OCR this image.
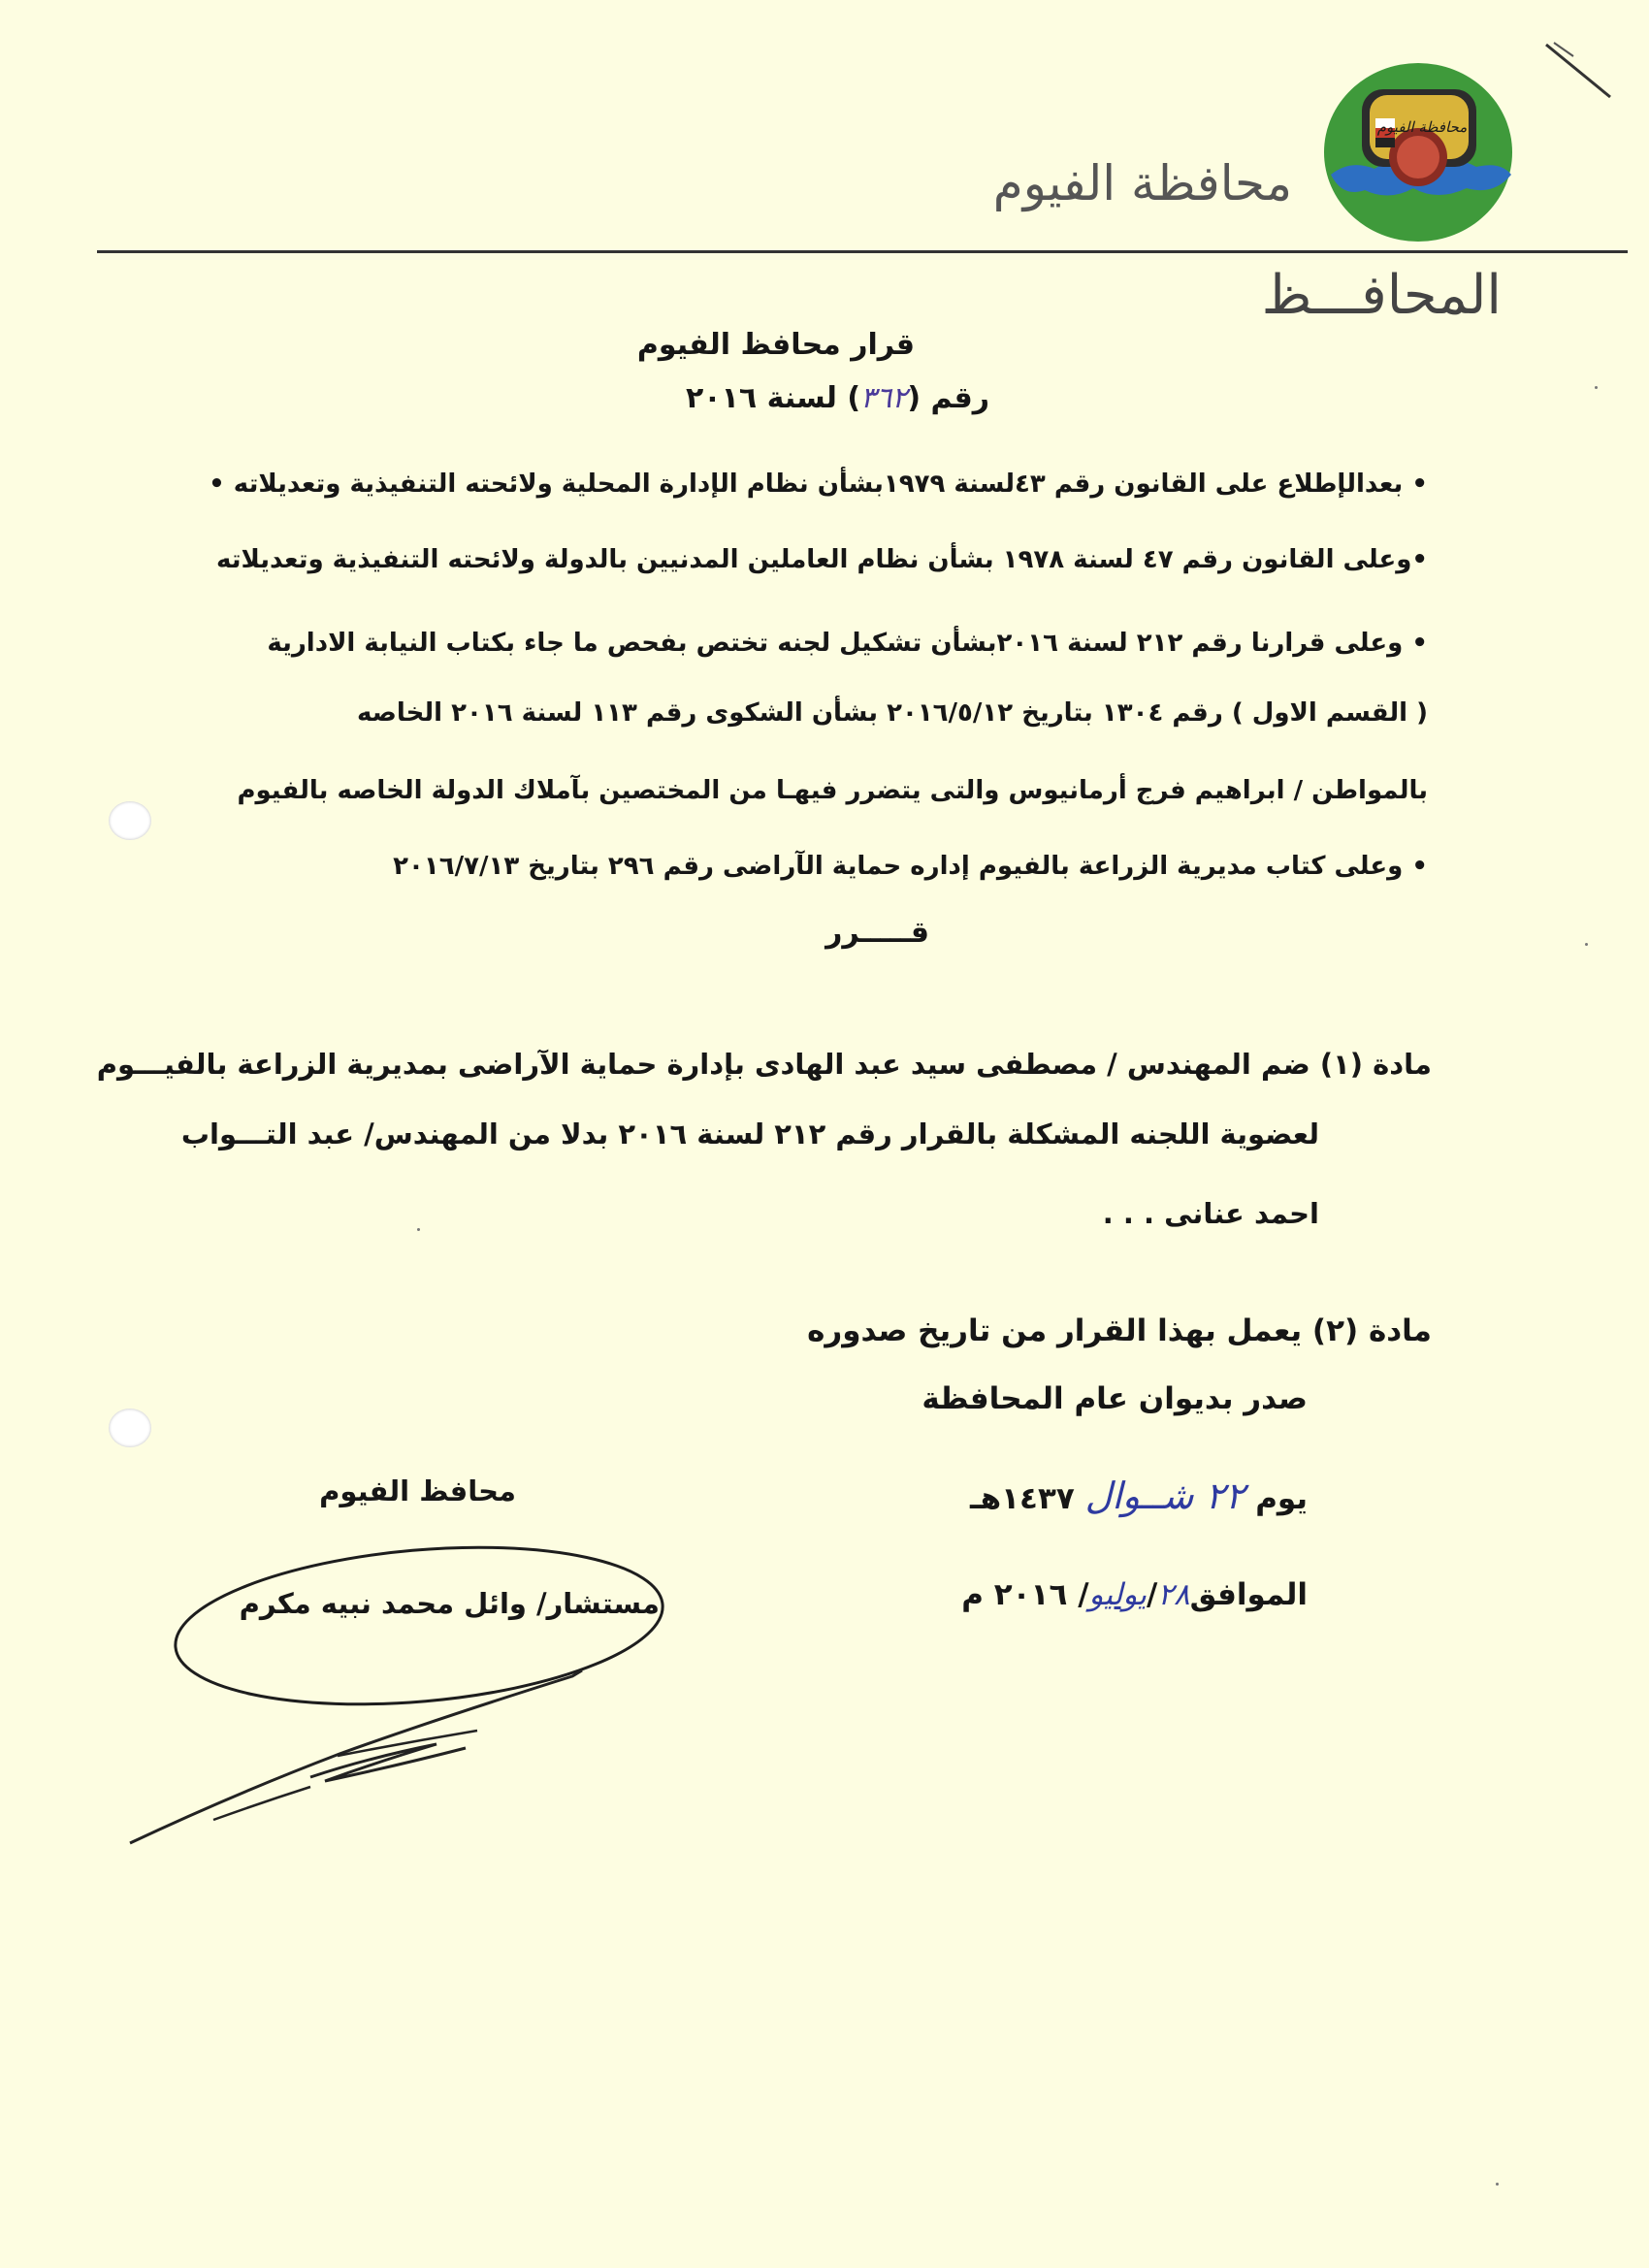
محافظة الفيوم
محافظة الفيوم
المحافـــظ
قرار محافظ الفيوم
رقم (٣٦٢) لسنة ٢٠١٦
• بعدالإطلاع على القانون رقم ٤٣لسنة ١٩٧٩بشأن نظام الإدارة المحلية ولائحته التنفيذية وتعديلاته •
•وعلى القانون رقم ٤٧ لسنة ١٩٧٨ بشأن نظام العاملين المدنيين بالدولة ولائحته التنفيذية وتعديلاته
• وعلى قرارنا رقم ٢١٢ لسنة ٢٠١٦بشأن تشكيل لجنه تختص بفحص ما جاء بكتاب النيابة الادارية
( القسم الاول ) رقم ١٣٠٤ بتاريخ ٢٠١٦/٥/١٢ بشأن الشكوى رقم ١١٣ لسنة ٢٠١٦ الخاصه
بالمواطن / ابراهيم فرج أرمانيوس والتى يتضرر فيهـا من المختصين بآملاك الدولة الخاصه بالفيوم
• وعلى كتاب مديرية الزراعة بالفيوم إداره حماية الآراضى رقم ٢٩٦ بتاريخ ٢٠١٦/٧/١٣
قـــــرر
مادة (١) ضم المهندس / مصطفى سيد عبد الهادى بإدارة حماية الآراضى بمديرية الزراعة بالفيـــوم
لعضوية اللجنه المشكلة بالقرار رقم ٢١٢ لسنة ٢٠١٦ بدلا من المهندس/ عبد التـــواب
احمد عنانى . . .
مادة (٢) يعمل بهذا القرار من تاريخ صدوره
صدر بديوان عام المحافظة
يوم ٢٢ شــوال ١٤٣٧هـ
الموافق٢٨/يوليو/ ٢٠١٦ م
محافظ الفيوم
مستشار/ وائل محمد نبيه مكرم
